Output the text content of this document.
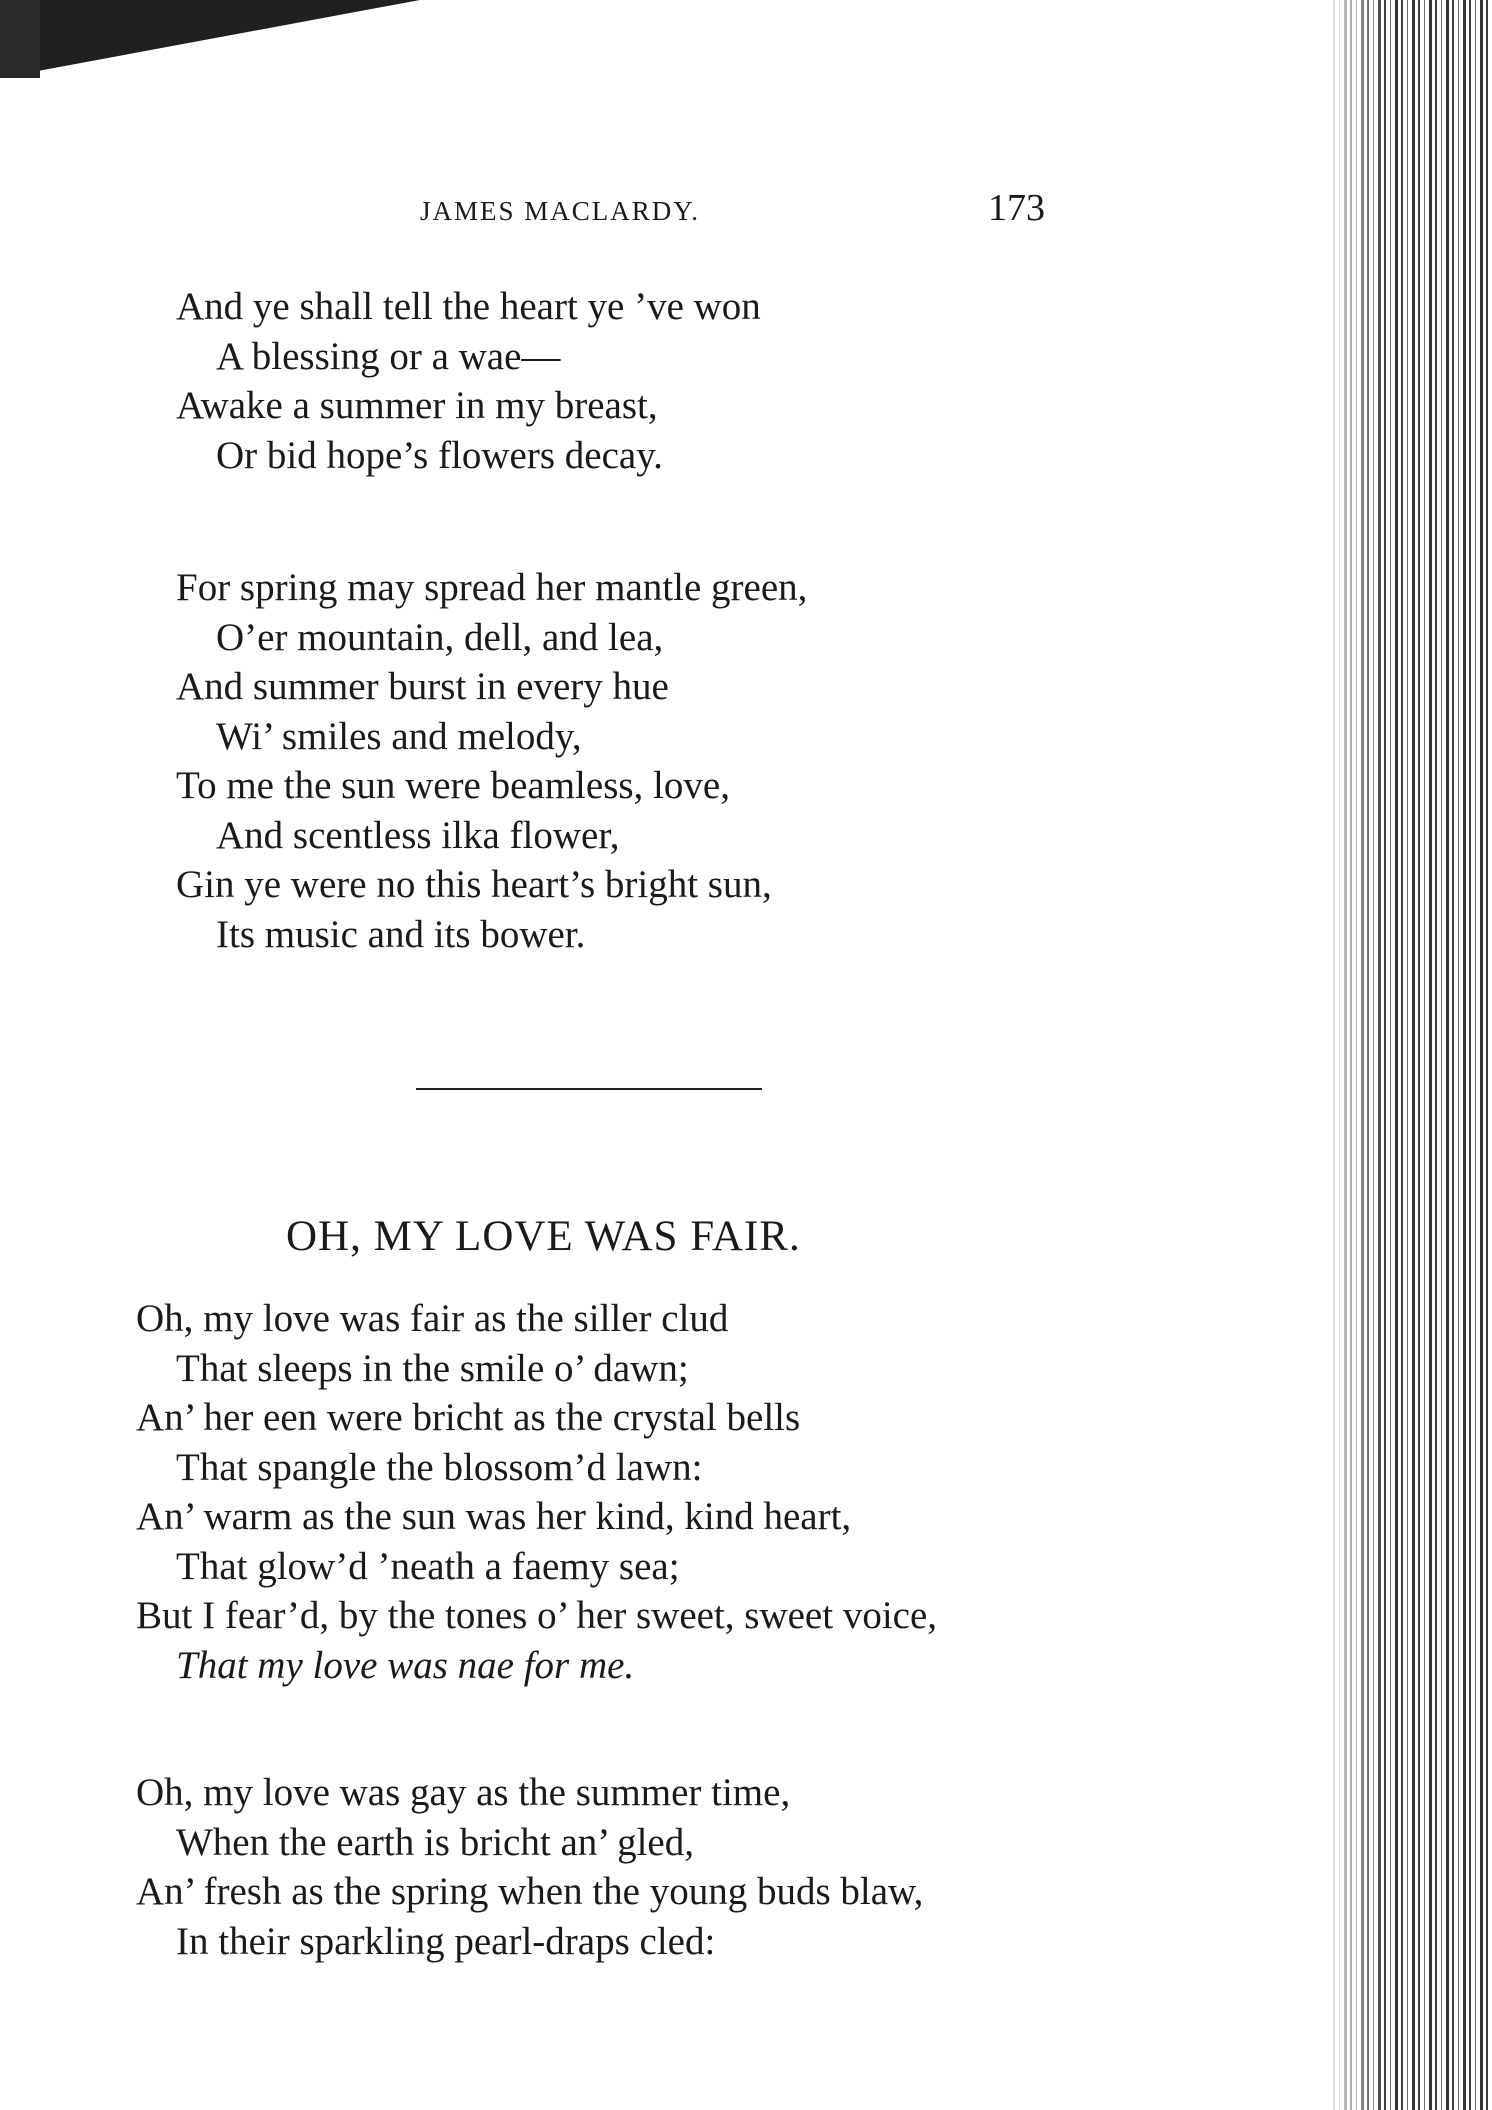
JAMES MACLARDY.	173
And ye shall tell the heart ye ’ve won
A blessing or a wae—
Awake a summer in my breast,
Or bid hope’s flowers decay.
For spring may spread her mantle green,
O’er mountain, dell, and lea,
And summer burst in every hue
Wi’ smiles and melody,
To me the sun were beamless, love,
And scentless ilka flower,
Gin ye were no this heart’s bright sun,
Its music and its bower.
OH, MY LOVE WAS FAIR.
Oh, my love was fair as the siller clud
That sleeps in the smile o’ dawn;
An’ her een were bricht as the crystal bells
That spangle the blossom’d lawn:
An’ warm as the sun was her kind, kind heart,
That glow’d ’neath a faemy sea;
But I fear’d, by the tones o’ her sweet, sweet voice,
That my love was nae for me.
Oh, my love was gay as the summer time,
When the earth is bricht an’ gled,
An’ fresh as the spring when the young buds blaw,
In their sparkling pearl-draps cled:
